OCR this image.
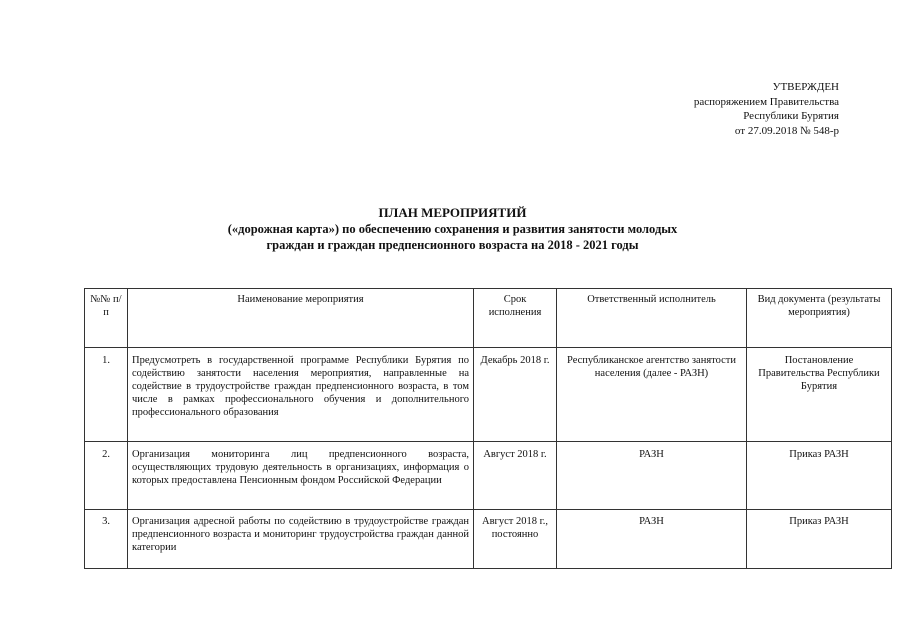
УТВЕРЖДЕН
распоряжением Правительства
Республики Бурятия
от 27.09.2018 № 548-р
ПЛАН МЕРОПРИЯТИЙ
(«дорожная карта») по обеспечению сохранения и развития занятости молодых
граждан и граждан предпенсионного возраста на 2018 - 2021 годы
№№ п/п	Наименование мероприятия	Срок исполнения	Ответственный исполнитель	Вид документа (результаты мероприятия)
1.	Предусмотреть в государственной программе Республики Бурятия по содействию занятости населения мероприятия, направленные на содействие в трудоустройстве граждан предпенсионного возраста, в том числе в рамках профессионального обучения и дополнительного профессионального образования	Декабрь 2018 г.	Республиканское агентство занятости населения (далее - РАЗН)	Постановление Правительства Республики Бурятия
2.	Организация мониторинга лиц предпенсионного возраста, осуществляющих трудовую деятельность в организациях, информация о которых предоставлена Пенсионным фондом Российской Федерации	Август 2018 г.	РАЗН	Приказ РАЗН
3.	Организация адресной работы по содействию в трудоустройстве граждан предпенсионного возраста и мониторинг трудоустройства граждан данной категории	Август 2018 г., постоянно	РАЗН	Приказ РАЗН
